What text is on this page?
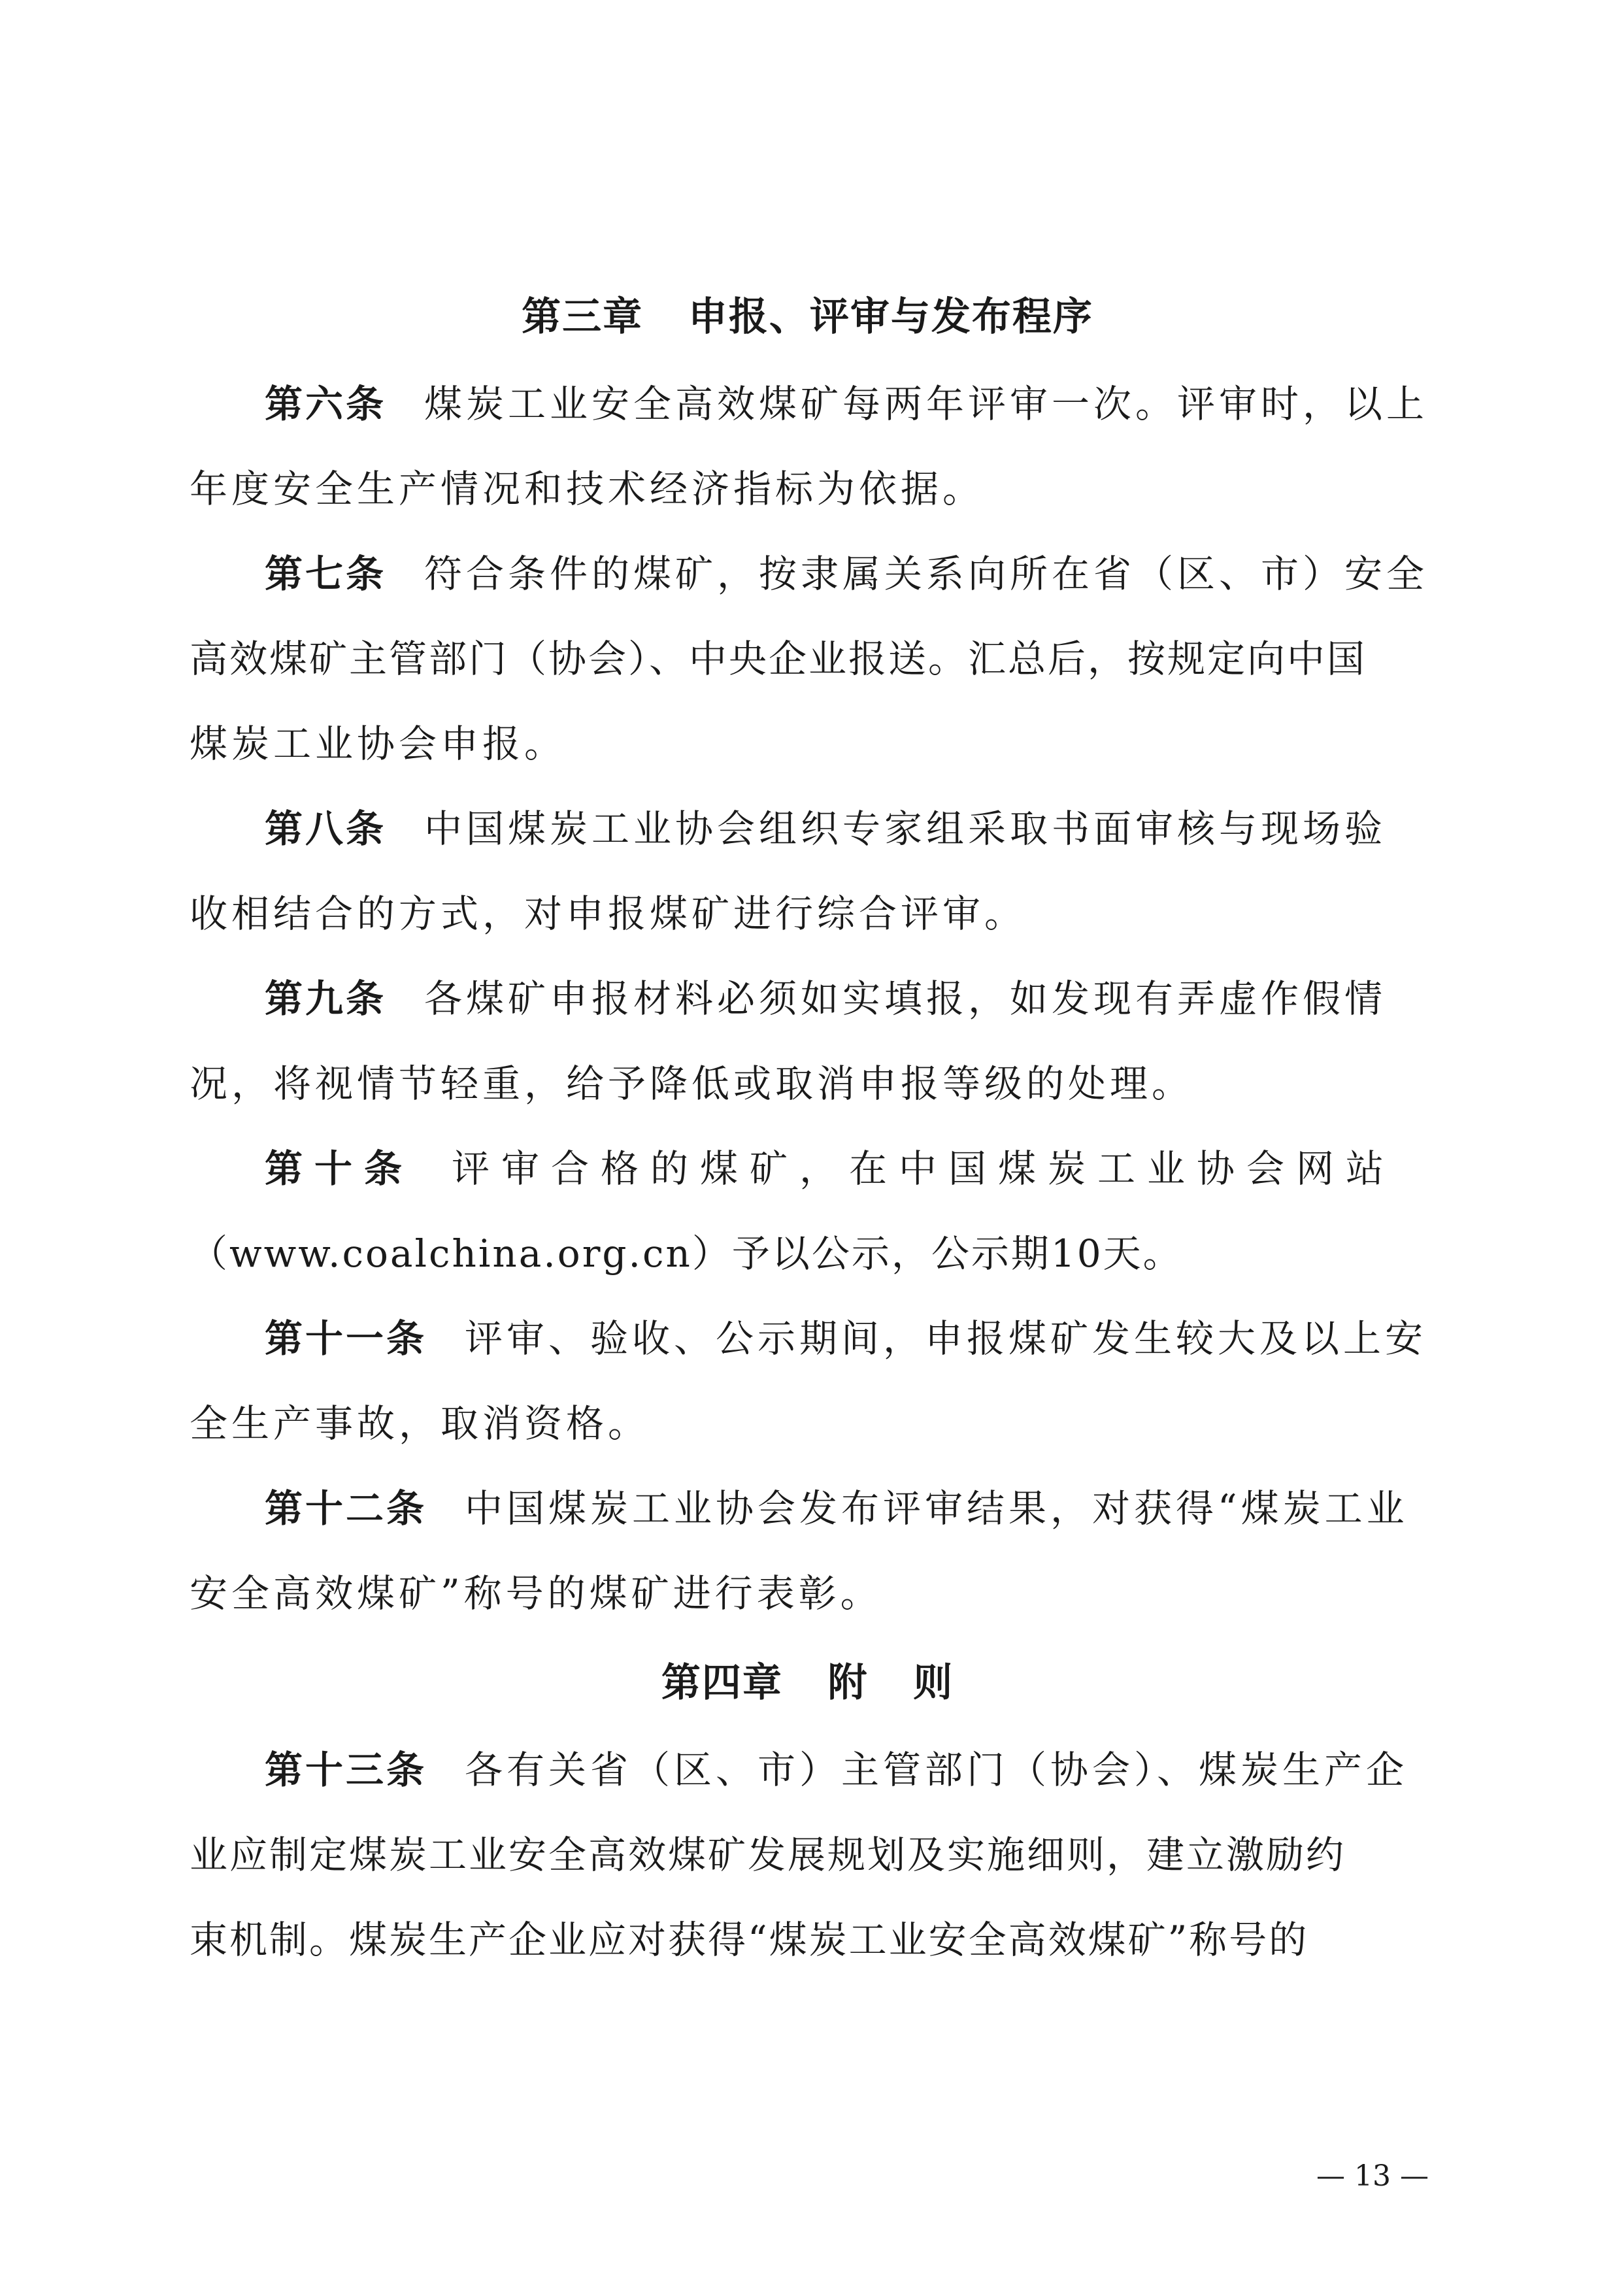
第三章   申报、评审与发布程序
第六条 煤炭工业安全高效煤矿每两年评审一次。评审时，以上
年度安全生产情况和技术经济指标为依据。
第七条 符合条件的煤矿，按隶属关系向所在省（区、市）安全
高效煤矿主管部门（协会）、中央企业报送。汇总后，按规定向中国
煤炭工业协会申报。
第八条 中国煤炭工业协会组织专家组采取书面审核与现场验
收相结合的方式，对申报煤矿进行综合评审。
第九条 各煤矿申报材料必须如实填报，如发现有弄虚作假情
况，将视情节轻重，给予降低或取消申报等级的处理。
第十条 评审合格的煤矿，在中国煤炭工业协会网站
（www.coalchina.org.cn）予以公示，公示期10天。
第十一条 评审、验收、公示期间，申报煤矿发生较大及以上安
全生产事故，取消资格。
第十二条 中国煤炭工业协会发布评审结果，对获得“煤炭工业
安全高效煤矿”称号的煤矿进行表彰。
第四章   附   则
第十三条 各有关省（区、市）主管部门（协会）、煤炭生产企
业应制定煤炭工业安全高效煤矿发展规划及实施细则，建立激励约
束机制。煤炭生产企业应对获得“煤炭工业安全高效煤矿”称号的
— 13 —
